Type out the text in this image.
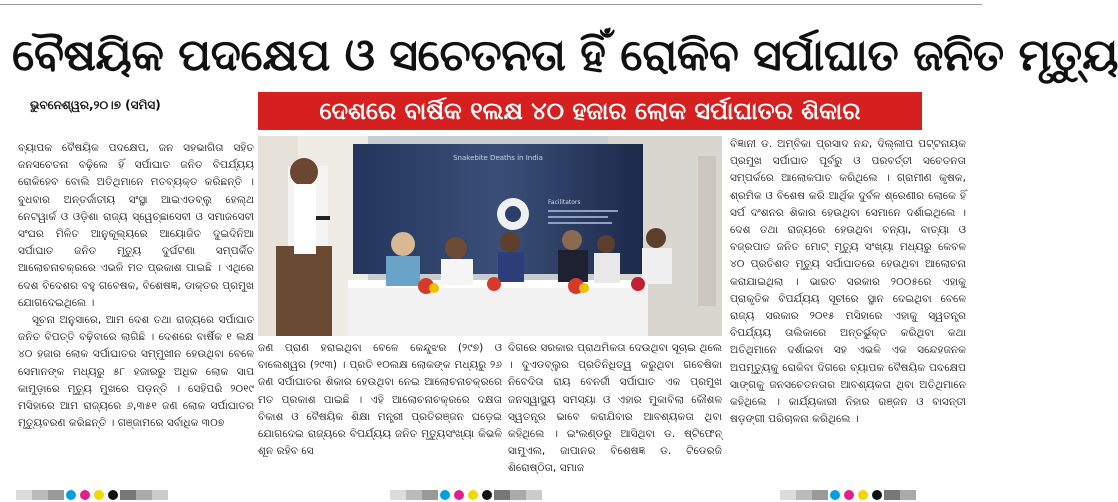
ବୈଷୟିକ ପଦକ୍ଷେପ ଓ ସଚେତନତା ହିଁ ରୋକିବ ସର୍ପାଘାତ ଜନିତ ମୃତ୍ୟୁ
ଭୁବନେଶ୍ୱର,୨୦।୭ (ସମିସ)	ଦେଶରେ ବାର୍ଷିକ ୧ଲକ୍ଷ ୪୦ ହଜାର ଲୋକ ସର୍ପାଘାତର ଶିକାର

ବ୍ୟାପକ ବୈଷୟିକ ପଦକ୍ଷେପ, ଜନ ସହଭାଗିତା ସହିତ ଜନସଚେତନା ବଢ଼ିଲେ ହିଁ ସର୍ପାଘାତ ଜନିତ ବିପର୍ଯ୍ୟୟ ରୋକିହେବ ବୋଲି ଅତିଥିମାନେ ମତବ୍ୟକ୍ତ କରିଛନ୍ତି । ବୁଧବାର ଅନ୍ତର୍ଜାତୀୟ ସଂସ୍ଥା ଆଇଏଡବ୍ଲୁ ହେଲ୍ଥ ନେଟୱାର୍କ ଓ ଓଡ଼ିଶା ରାଜ୍ୟ ସ୍ୱେଚ୍ଛାସେବୀ ଓ ସମାଜସେବୀ ସଂଘର ମିଳିତ ଆନୁକୂଲ୍ୟରେ ଆୟୋଜିତ ଦୁଇଦିନିଆ ସର୍ପାଘାତ ଜନିତ ମୃତ୍ୟୁ ଦୁର୍ଘଟଣା ସମ୍ପର୍କିତ ଆଲୋଚନାଚକ୍ରରେ ଏଭଳି ମତ ପ୍ରକାଶ ପାଇଛି । ଏଥିରେ ଦେଶ ବିଦେଶର ବହୁ ଗବେଷକ, ବିଶେଷଜ୍ଞ, ଡାକ୍ତର ପ୍ରମୁଖ ଯୋଗଦେଇଥିଲେ ।

ସୂଚନା ଅନୁସାରେ, ଆମ ଦେଶ ତଥା ରାଜ୍ୟରେ ସର୍ପାଘାତ ଜନିତ ବିପତ୍ତି ବଢ଼ିବାରେ ଲାଗିଛି । ଦେଶରେ ବାର୍ଷିକ ୧ ଲକ୍ଷ ୪୦ ହଜାର ଲୋକ ସର୍ପାଘାତର ସମ୍ମୁଖୀନ ହେଉଥିବା ବେଳେ ସେମାନଙ୍କ ମଧ୍ୟରୁ ୫୮ ହଜାରରୁ ଅଧିକ ଲୋକ ସାପ କାମୁଡ଼ାରେ ମୃତ୍ୟୁ ମୁଖରେ ପଡ଼ନ୍ତି । ସେହିପରି ୨୦୧୯ ମସିହାରେ ଆମ ରାଜ୍ୟରେ ୬,୩୫୧ ଜଣ ଲୋକ ସର୍ପାଘାତର ମୃତ୍ୟୁବରଣ କରିଛନ୍ତି । ଗଞ୍ଜାମରେ ସର୍ବାଧିକ ୩୦୭

Snakebite Deaths in India
Facilitators

ଜଣ ପ୍ରାଣ ହରାଇଥିବା ବେଳେ କେନ୍ଦୁଝର (୨୯୭) ଓ ବାଲେଶ୍ୱର (୨୯୩) । ପ୍ରତି ୧୦ଲକ୍ଷ ଲୋକଙ୍କ ମଧ୍ୟରୁ ୨୬ ଜଣ ସର୍ପାଘାତର ଶିକାର ହେଉଥିବା ନେଇ ଆଲୋଚନାଚକ୍ରରେ ମତ ପ୍ରକାଶ ପାଇଛି । ଏହି ଆଲୋଚନାଚକ୍ରରେ ଦକ୍ଷତା ବିକାଶ ଓ ବୈଷୟିକ ଶିକ୍ଷା ମନ୍ତ୍ରୀ ପ୍ରତିରଞ୍ଜନ ଘଡ଼େଇ ଯୋଗଦେଇ ରାଜ୍ୟରେ ବିପର୍ଯ୍ୟୟ ଜନିତ ମୃତ୍ୟୁସଂଖ୍ୟା କିଭଳି ଶୂନ ରହିବ ସେ

ଦିଗରେ ସରକାର ପ୍ରାଥମିକତା ଦେଉଥିବା ସୂଚାଇ ଥିଲେ । ଦୁଏଡବ୍ଲୁର ପ୍ରତିନିଧିତ୍ୱ କରୁଥିବା ଗବେଷିକା ନିବେଦିତା ରାୟ ବେନର୍ଜୀ ସର୍ପାଘାତ ଏକ ପ୍ରମୁଖ ଜନସ୍ୱାସ୍ଥ୍ୟ ସମସ୍ୟା ଓ ଏହାର ମୁକାବିଲା କୌଶଳ ସ୍ୱତନ୍ତ୍ର ଭାବେ କରାଯିବାର ଆବଶ୍ୟକତା ଥିବା କହିଥିଲେ । ଇଂଲଣ୍ଡରୁ ଆସିଥିବା ଡ. ଷ୍ଟିଫେନ୍ ସାମୁଏଲ, ଜାପାନର ବିଶେଷଜ୍ଞ ଡ. ଟିଡେରଜି ଶିରୋଷ୍ଠିତା, ସମାଜ

ବିଜ୍ଞାନୀ ଡ. ଅମ୍ବିକା ପ୍ରସାଦ ନନ୍ଦ, ଦିଲ୍ଲୀପ ପଟ୍ଟନାୟକ ପ୍ରମୁଖ ସର୍ପାଘାତ ପୂର୍ବରୁ ଓ ପରବର୍ତ୍ତୀ ସଚେତନତା ସମ୍ପର୍କରେ ଆଲୋକପାତ କରିଥିଲେ । ଗ୍ରାମୀଣ କୃଷକ, ଶ୍ରମିକ ଓ ବିଶେଷ କରି ଆର୍ଥିକ ଦୁର୍ବଳ ଶ୍ରେଣୀର ଲୋକେ ହିଁ ସର୍ପ ଦଂଶନର ଶିକାର ହେଉଥିବା ସେମାନେ ଦର୍ଶାଇଥିଲେ । ଦେଶ ତଥା ରାଜ୍ୟରେ ହେଉଥିବା ବନ୍ୟା, ବାତ୍ୟା ଓ ବଜ୍ରପାତ ଜନିତ ମୋଟ୍ ମୃତ୍ୟୁ ସଂଖ୍ୟା ମଧ୍ୟରୁ କେବଳ ୪୦ ପ୍ରତିଶତ ମୃତ୍ୟୁ ସର୍ପାଘାତରେ ହେଉଥିବା ଆଲୋଚନା କରାଯାଇଥିଲା । ଭାରତ ସରକାର ୨୦୦୫ରେ ଏହାକୁ ପ୍ରାକୃତିକ ବିପର୍ଯ୍ୟୟ ସୂଚୀରେ ସ୍ଥାନ ଦେଇଥିବା ବେଳେ ରାଜ୍ୟ ସରକାର ୨୦୧୫ ମସିହାରେ ଏହାକୁ ସ୍ୱତନ୍ତ୍ର ବିପର୍ଯ୍ୟୟ ତାଲିକାରେ ଅନ୍ତର୍ଭୁକ୍ତ କରିଥିବା କଥା ଅତିଥିମାନେ ଦର୍ଶାଇବା ସହ ଏଭଳି ଏକ ସନ୍ଦେହଜନକ ଅପମୃତ୍ୟୁକୁ ରୋକିବା ଦିଗରେ ବ୍ୟାପକ ବୈଷୟିକ ପଦକ୍ଷେପ ସାଙ୍ଗକୁ ଜନସଚେତନତାର ଆବଶ୍ୟକତା ଥିବା ଅତିଥିମାନେ କହିଥିଲେ । କାର୍ଯ୍ୟକାରୀ ନିହାର ରଞ୍ଜନ ଓ ବାସନ୍ତୀ ଷଡ଼ଙ୍ଗୀ ପରିଚାଳନା କରିଥିଲେ ।
